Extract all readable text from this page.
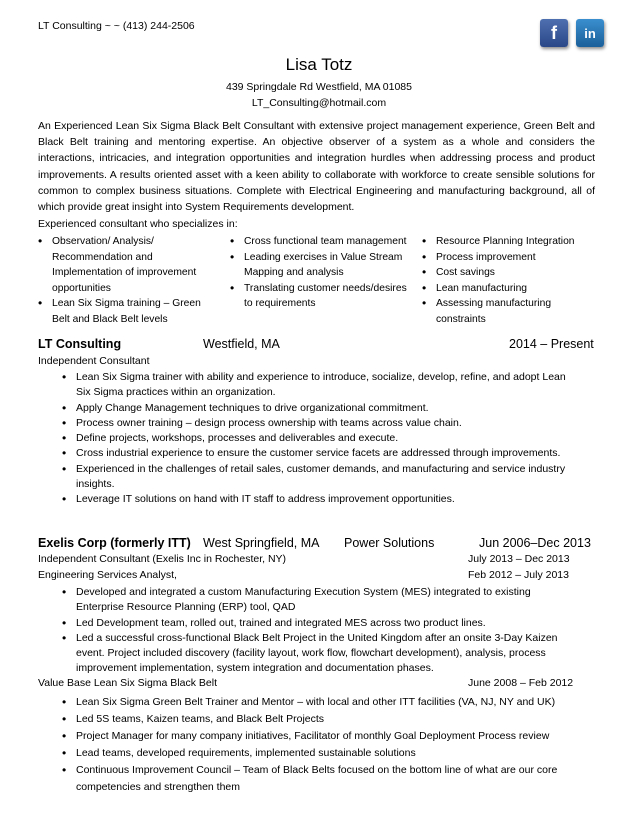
LT Consulting ~ ~ (413) 244-2506	f	in
Lisa Totz
439 Springdale Rd Westfield, MA 01085
LT_Consulting@hotmail.com

An Experienced Lean Six Sigma Black Belt Consultant with extensive project management experience, Green Belt and Black Belt training and mentoring expertise. An objective observer of a system as a whole and considers the interactions, intricacies, and integration opportunities and integration hurdles when addressing process and product improvements. A results oriented asset with a keen ability to collaborate with workforce to create sensible solutions for common to complex business situations. Complete with Electrical Engineering and manufacturing background, all of which provide great insight into System Requirements development.

Experienced consultant who specializes in:

• Observation/ Analysis/ Recommendation and Implementation of improvement opportunities
• Lean Six Sigma training – Green Belt and Black Belt levels
• Cross functional team management
• Leading exercises in Value Stream Mapping and analysis
• Translating customer needs/desires to requirements
• Resource Planning Integration
• Process improvement
• Cost savings
• Lean manufacturing
• Assessing manufacturing constraints
LT Consulting	Westfield, MA	2014 – Present

Independent Consultant

• Lean Six Sigma trainer with ability and experience to introduce, socialize, develop, refine, and adopt Lean Six Sigma practices within an organization.
• Apply Change Management techniques to drive organizational commitment.
• Process owner training – design process ownership with teams across value chain.
• Define projects, workshops, processes and deliverables and execute.
• Cross industrial experience to ensure the customer service facets are addressed through improvements.
• Experienced in the challenges of retail sales, customer demands, and manufacturing and service industry insights.
• Leverage IT solutions on hand with IT staff to address improvement opportunities.
Exelis Corp (formerly ITT) West Springfield, MA Power Solutions	Jun 2006–Dec 2013
Independent Consultant (Exelis Inc in Rochester, NY)	July 2013 – Dec 2013
Engineering Services Analyst,	Feb 2012 – July 2013
• Developed and integrated a custom Manufacturing Execution System (MES) integrated to existing Enterprise Resource Planning (ERP) tool, QAD
• Led Development team, rolled out, trained and integrated MES across two product lines.
• Led a successful cross-functional Black Belt Project in the United Kingdom after an onsite 3-Day Kaizen event. Project included discovery (facility layout, work flow, flowchart development), analysis, process improvement implementation, system integration and documentation phases.
Value Base Lean Six Sigma Black Belt	June 2008 – Feb 2012
• Lean Six Sigma Green Belt Trainer and Mentor – with local and other ITT facilities (VA, NJ, NY and UK)
• Led 5S teams, Kaizen teams, and Black Belt Projects
• Project Manager for many company initiatives, Facilitator of monthly Goal Deployment Process review
• Lead teams, developed requirements, implemented sustainable solutions
• Continuous Improvement Council – Team of Black Belts focused on the bottom line of what are our core competencies and strengthen them
